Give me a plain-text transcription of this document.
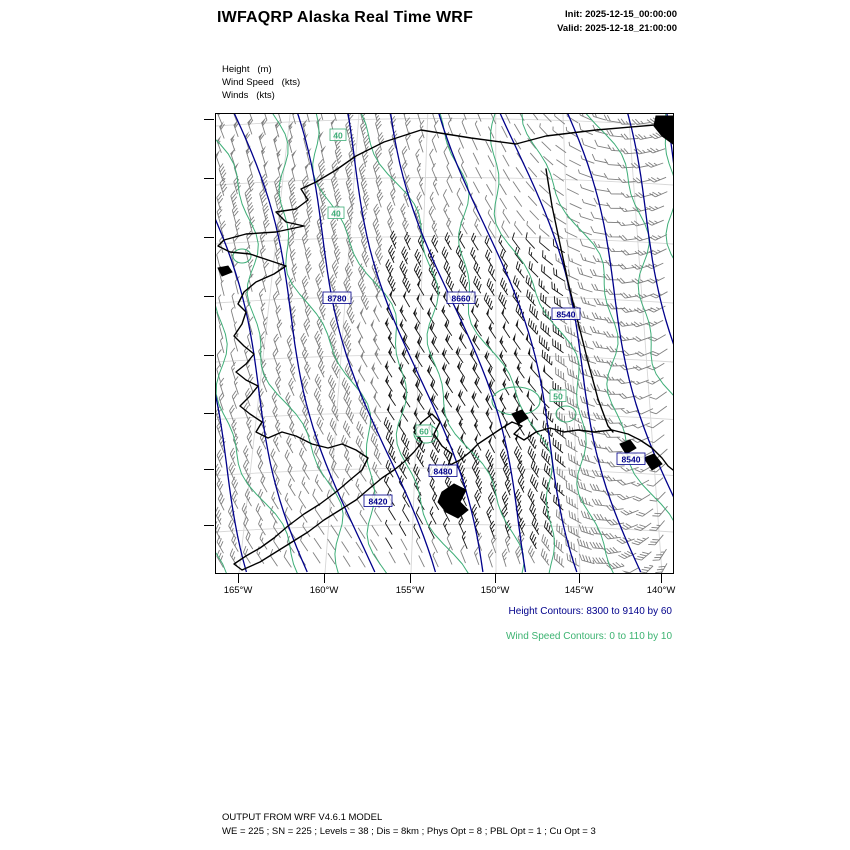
IWFAQRP Alaska Real Time WRF	Init: 2025-12-15_00:00:00
Valid: 2025-12-18_21:00:00
Height   (m)
Wind Speed   (kts)
Winds   (kts)
40
40
60
50
8780	8660
8540
8480
8420
8540
165°W	160°W	155°W	150°W	145°W	140°W
Height Contours: 8300 to 9140 by 60
Wind Speed Contours: 0 to 110 by 10
OUTPUT FROM WRF V4.6.1 MODEL
WE = 225 ; SN = 225 ; Levels = 38 ; Dis = 8km ; Phys Opt = 8 ; PBL Opt = 1 ; Cu Opt = 3
